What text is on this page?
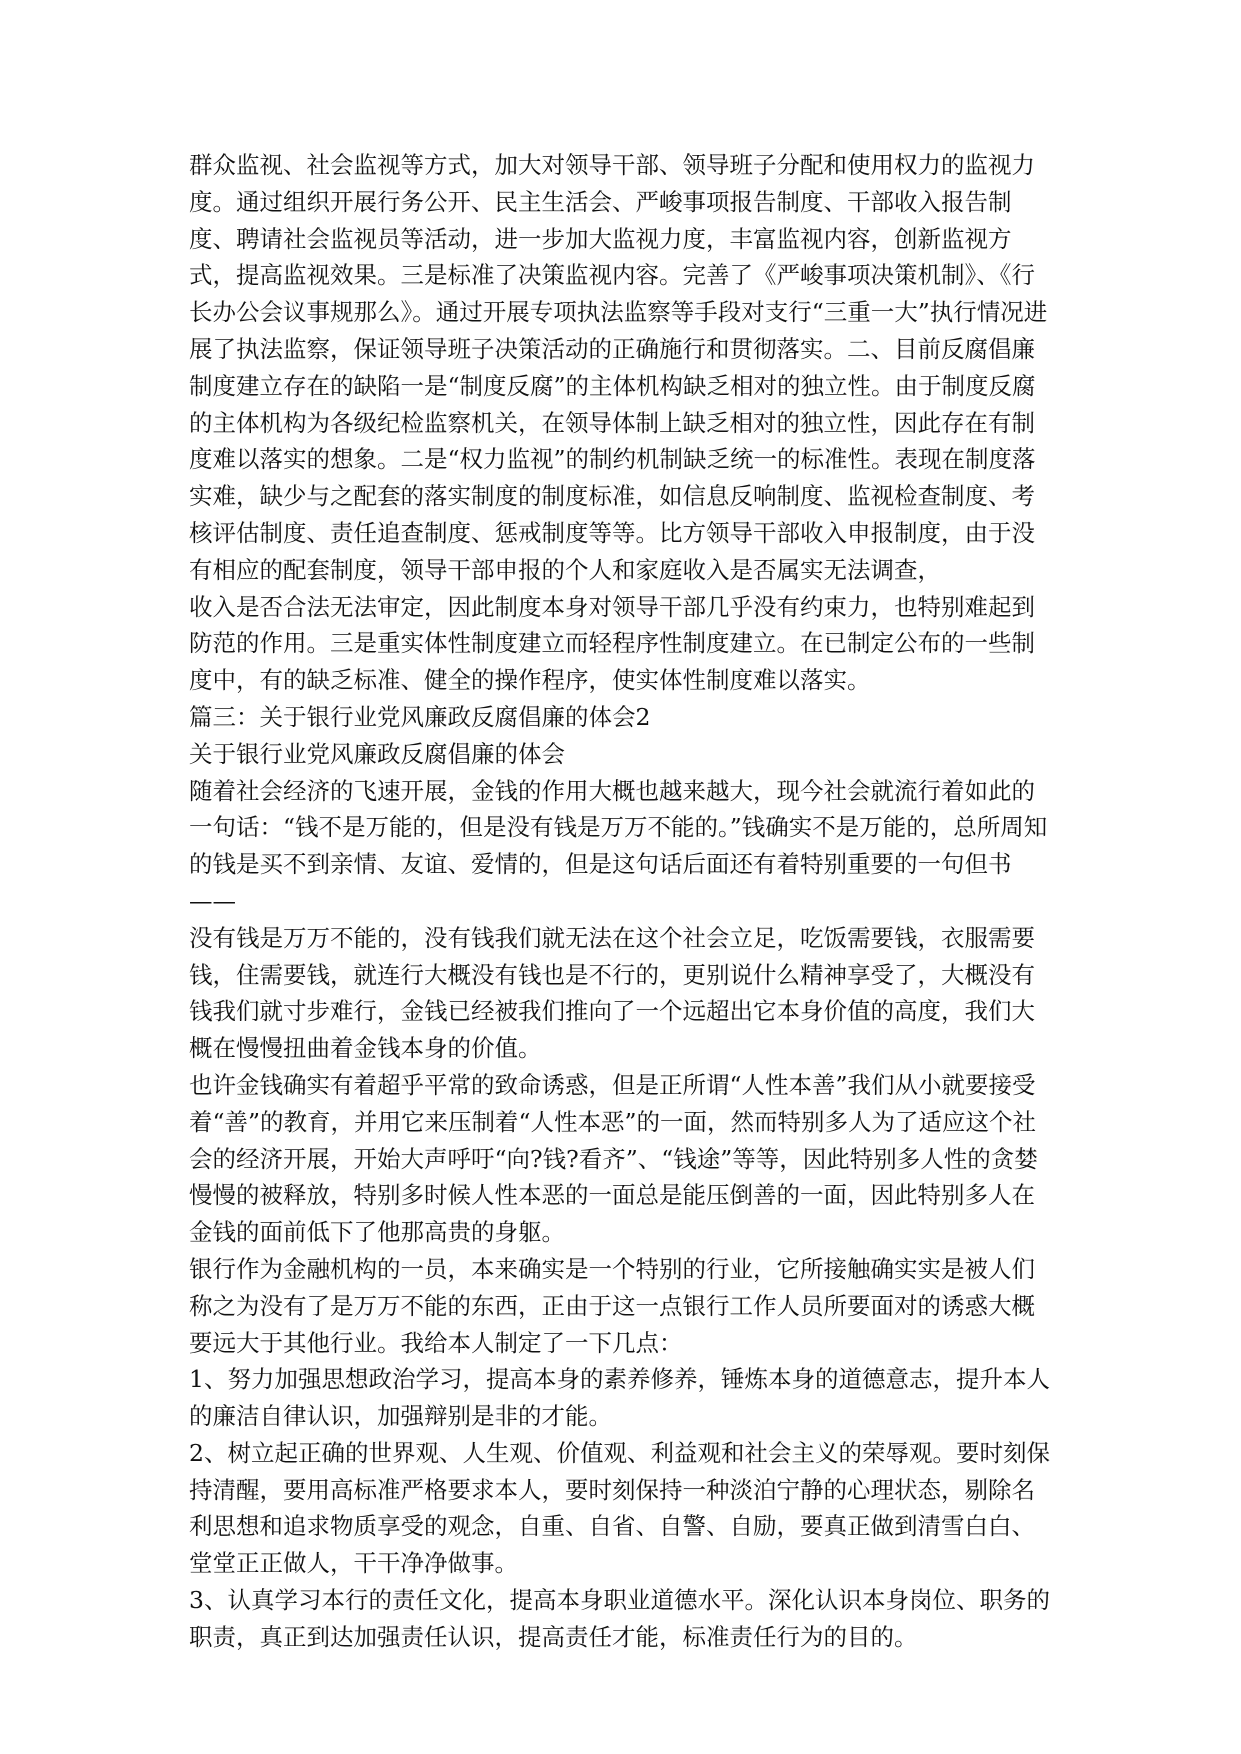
群众监视、社会监视等方式，加大对领导干部、领导班子分配和使用权力的监视力度。通过组织开展行务公开、民主生活会、严峻事项报告制度、干部收入报告制度、聘请社会监视员等活动，进一步加大监视力度，丰富监视内容，创新监视方式，提高监视效果。三是标准了决策监视内容。完善了《严峻事项决策机制》、《行长办公会议事规那么》。通过开展专项执法监察等手段对支行“三重一大”执行情况进展了执法监察，保证领导班子决策活动的正确施行和贯彻落实。二、目前反腐倡廉制度建立存在的缺陷一是“制度反腐”的主体机构缺乏相对的独立性。由于制度反腐的主体机构为各级纪检监察机关，在领导体制上缺乏相对的独立性，因此存在有制度难以落实的想象。二是“权力监视”的制约机制缺乏统一的标准性。表现在制度落实难，缺少与之配套的落实制度的制度标准，如信息反响制度、监视检查制度、考核评估制度、责任追查制度、惩戒制度等等。比方领导干部收入申报制度，由于没有相应的配套制度，领导干部申报的个人和家庭收入是否属实无法调查，

收入是否合法无法审定，因此制度本身对领导干部几乎没有约束力，也特别难起到防范的作用。三是重实体性制度建立而轻程序性制度建立。在已制定公布的一些制度中，有的缺乏标准、健全的操作程序，使实体性制度难以落实。

篇三：关于银行业党风廉政反腐倡廉的体会2

关于银行业党风廉政反腐倡廉的体会

随着社会经济的飞速开展，金钱的作用大概也越来越大，现今社会就流行着如此的一句话：“钱不是万能的，但是没有钱是万万不能的。”钱确实不是万能的，总所周知的钱是买不到亲情、友谊、爱情的，但是这句话后面还有着特别重要的一句但书——

没有钱是万万不能的，没有钱我们就无法在这个社会立足，吃饭需要钱，衣服需要钱，住需要钱，就连行大概没有钱也是不行的，更别说什么精神享受了，大概没有钱我们就寸步难行，金钱已经被我们推向了一个远超出它本身价值的高度，我们大概在慢慢扭曲着金钱本身的价值。

也许金钱确实有着超乎平常的致命诱惑，但是正所谓“人性本善”我们从小就要接受着“善”的教育，并用它来压制着“人性本恶”的一面，然而特别多人为了适应这个社会的经济开展，开始大声呼吁“向?钱?看齐”、“钱途”等等，因此特别多人性的贪婪慢慢的被释放，特别多时候人性本恶的一面总是能压倒善的一面，因此特别多人在金钱的面前低下了他那高贵的身躯。

银行作为金融机构的一员，本来确实是一个特别的行业，它所接触确实实是被人们称之为没有了是万万不能的东西，正由于这一点银行工作人员所要面对的诱惑大概要远大于其他行业。我给本人制定了一下几点：

1、努力加强思想政治学习，提高本身的素养修养，锤炼本身的道德意志，提升本人的廉洁自律认识，加强辩别是非的才能。

2、树立起正确的世界观、人生观、价值观、利益观和社会主义的荣辱观。要时刻保持清醒，要用高标准严格要求本人，要时刻保持一种淡泊宁静的心理状态，剔除名利思想和追求物质享受的观念，自重、自省、自警、自励，要真正做到清雪白白、堂堂正正做人，干干净净做事。

3、认真学习本行的责任文化，提高本身职业道德水平。深化认识本身岗位、职务的职责，真正到达加强责任认识，提高责任才能，标准责任行为的目的。
